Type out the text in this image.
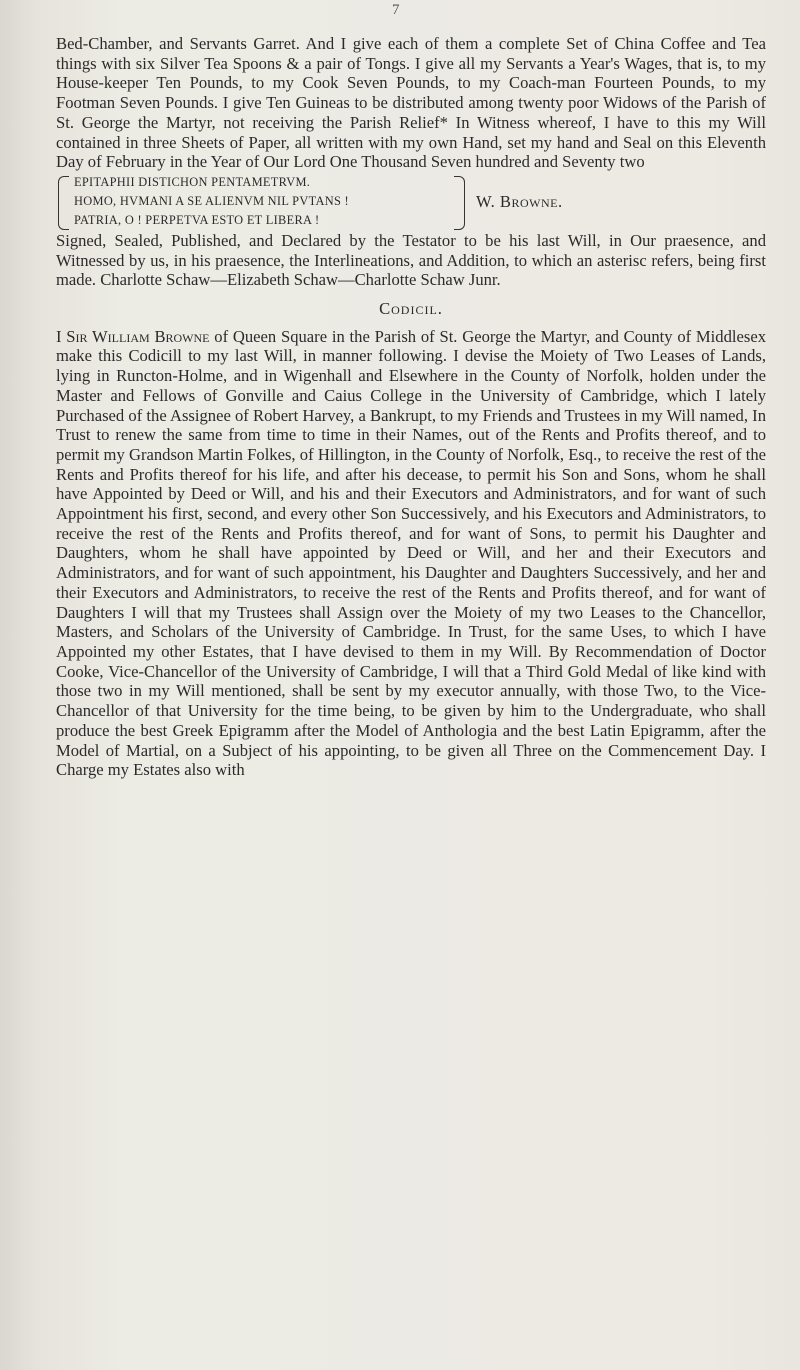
7

Bed-Chamber, and Servants Garret. And I give each of them a complete Set of China Coffee and Tea things with six Silver Tea Spoons & a pair of Tongs. I give all my Servants a Year's Wages, that is, to my House-keeper Ten Pounds, to my Cook Seven Pounds, to my Coach-man Fourteen Pounds, to my Footman Seven Pounds. I give Ten Guineas to be distributed among twenty poor Widows of the Parish of St. George the Martyr, not receiving the Parish Relief* In Witness whereof, I have to this my Will contained in three Sheets of Paper, all written with my own Hand, set my hand and Seal on this Eleventh Day of February in the Year of Our Lord One Thousand Seven hundred and Seventy two

EPITAPHII DISTICHON PENTAMETRVM.
HOMO, HVMANI A SE ALIENVM NIL PVTANS !
PATRIA, O ! PERPETVA ESTO ET LIBERA !
W. Browne.

Signed, Sealed, Published, and Declared by the Testator to be his last Will, in Our praesence, and Witnessed by us, in his praesence, the Interlineations, and Addition, to which an asterisc refers, being first made. Charlotte Schaw—Elizabeth Schaw—Charlotte Schaw Junr.

Codicil.

I Sir William Browne of Queen Square in the Parish of St. George the Martyr, and County of Middlesex make this Codicill to my last Will, in manner following. I devise the Moiety of Two Leases of Lands, lying in Runcton-Holme, and in Wigenhall and Elsewhere in the County of Norfolk, holden under the Master and Fellows of Gonville and Caius College in the University of Cambridge, which I lately Purchased of the Assignee of Robert Harvey, a Bankrupt, to my Friends and Trustees in my Will named, In Trust to renew the same from time to time in their Names, out of the Rents and Profits thereof, and to permit my Grandson Martin Folkes, of Hillington, in the County of Norfolk, Esq., to receive the rest of the Rents and Profits thereof for his life, and after his decease, to permit his Son and Sons, whom he shall have Appointed by Deed or Will, and his and their Executors and Administrators, and for want of such Appointment his first, second, and every other Son Successively, and his Executors and Administrators, to receive the rest of the Rents and Profits thereof, and for want of Sons, to permit his Daughter and Daughters, whom he shall have appointed by Deed or Will, and her and their Executors and Administrators, and for want of such appointment, his Daughter and Daughters Successively, and her and their Executors and Administrators, to receive the rest of the Rents and Profits thereof, and for want of Daughters I will that my Trustees shall Assign over the Moiety of my two Leases to the Chancellor, Masters, and Scholars of the University of Cambridge. In Trust, for the same Uses, to which I have Appointed my other Estates, that I have devised to them in my Will. By Recommendation of Doctor Cooke, Vice-Chancellor of the University of Cambridge, I will that a Third Gold Medal of like kind with those two in my Will mentioned, shall be sent by my executor annually, with those Two, to the Vice-Chancellor of that University for the time being, to be given by him to the Undergraduate, who shall produce the best Greek Epigramm after the Model of Anthologia and the best Latin Epigramm, after the Model of Martial, on a Subject of his appointing, to be given all Three on the Commencement Day. I Charge my Estates also with
